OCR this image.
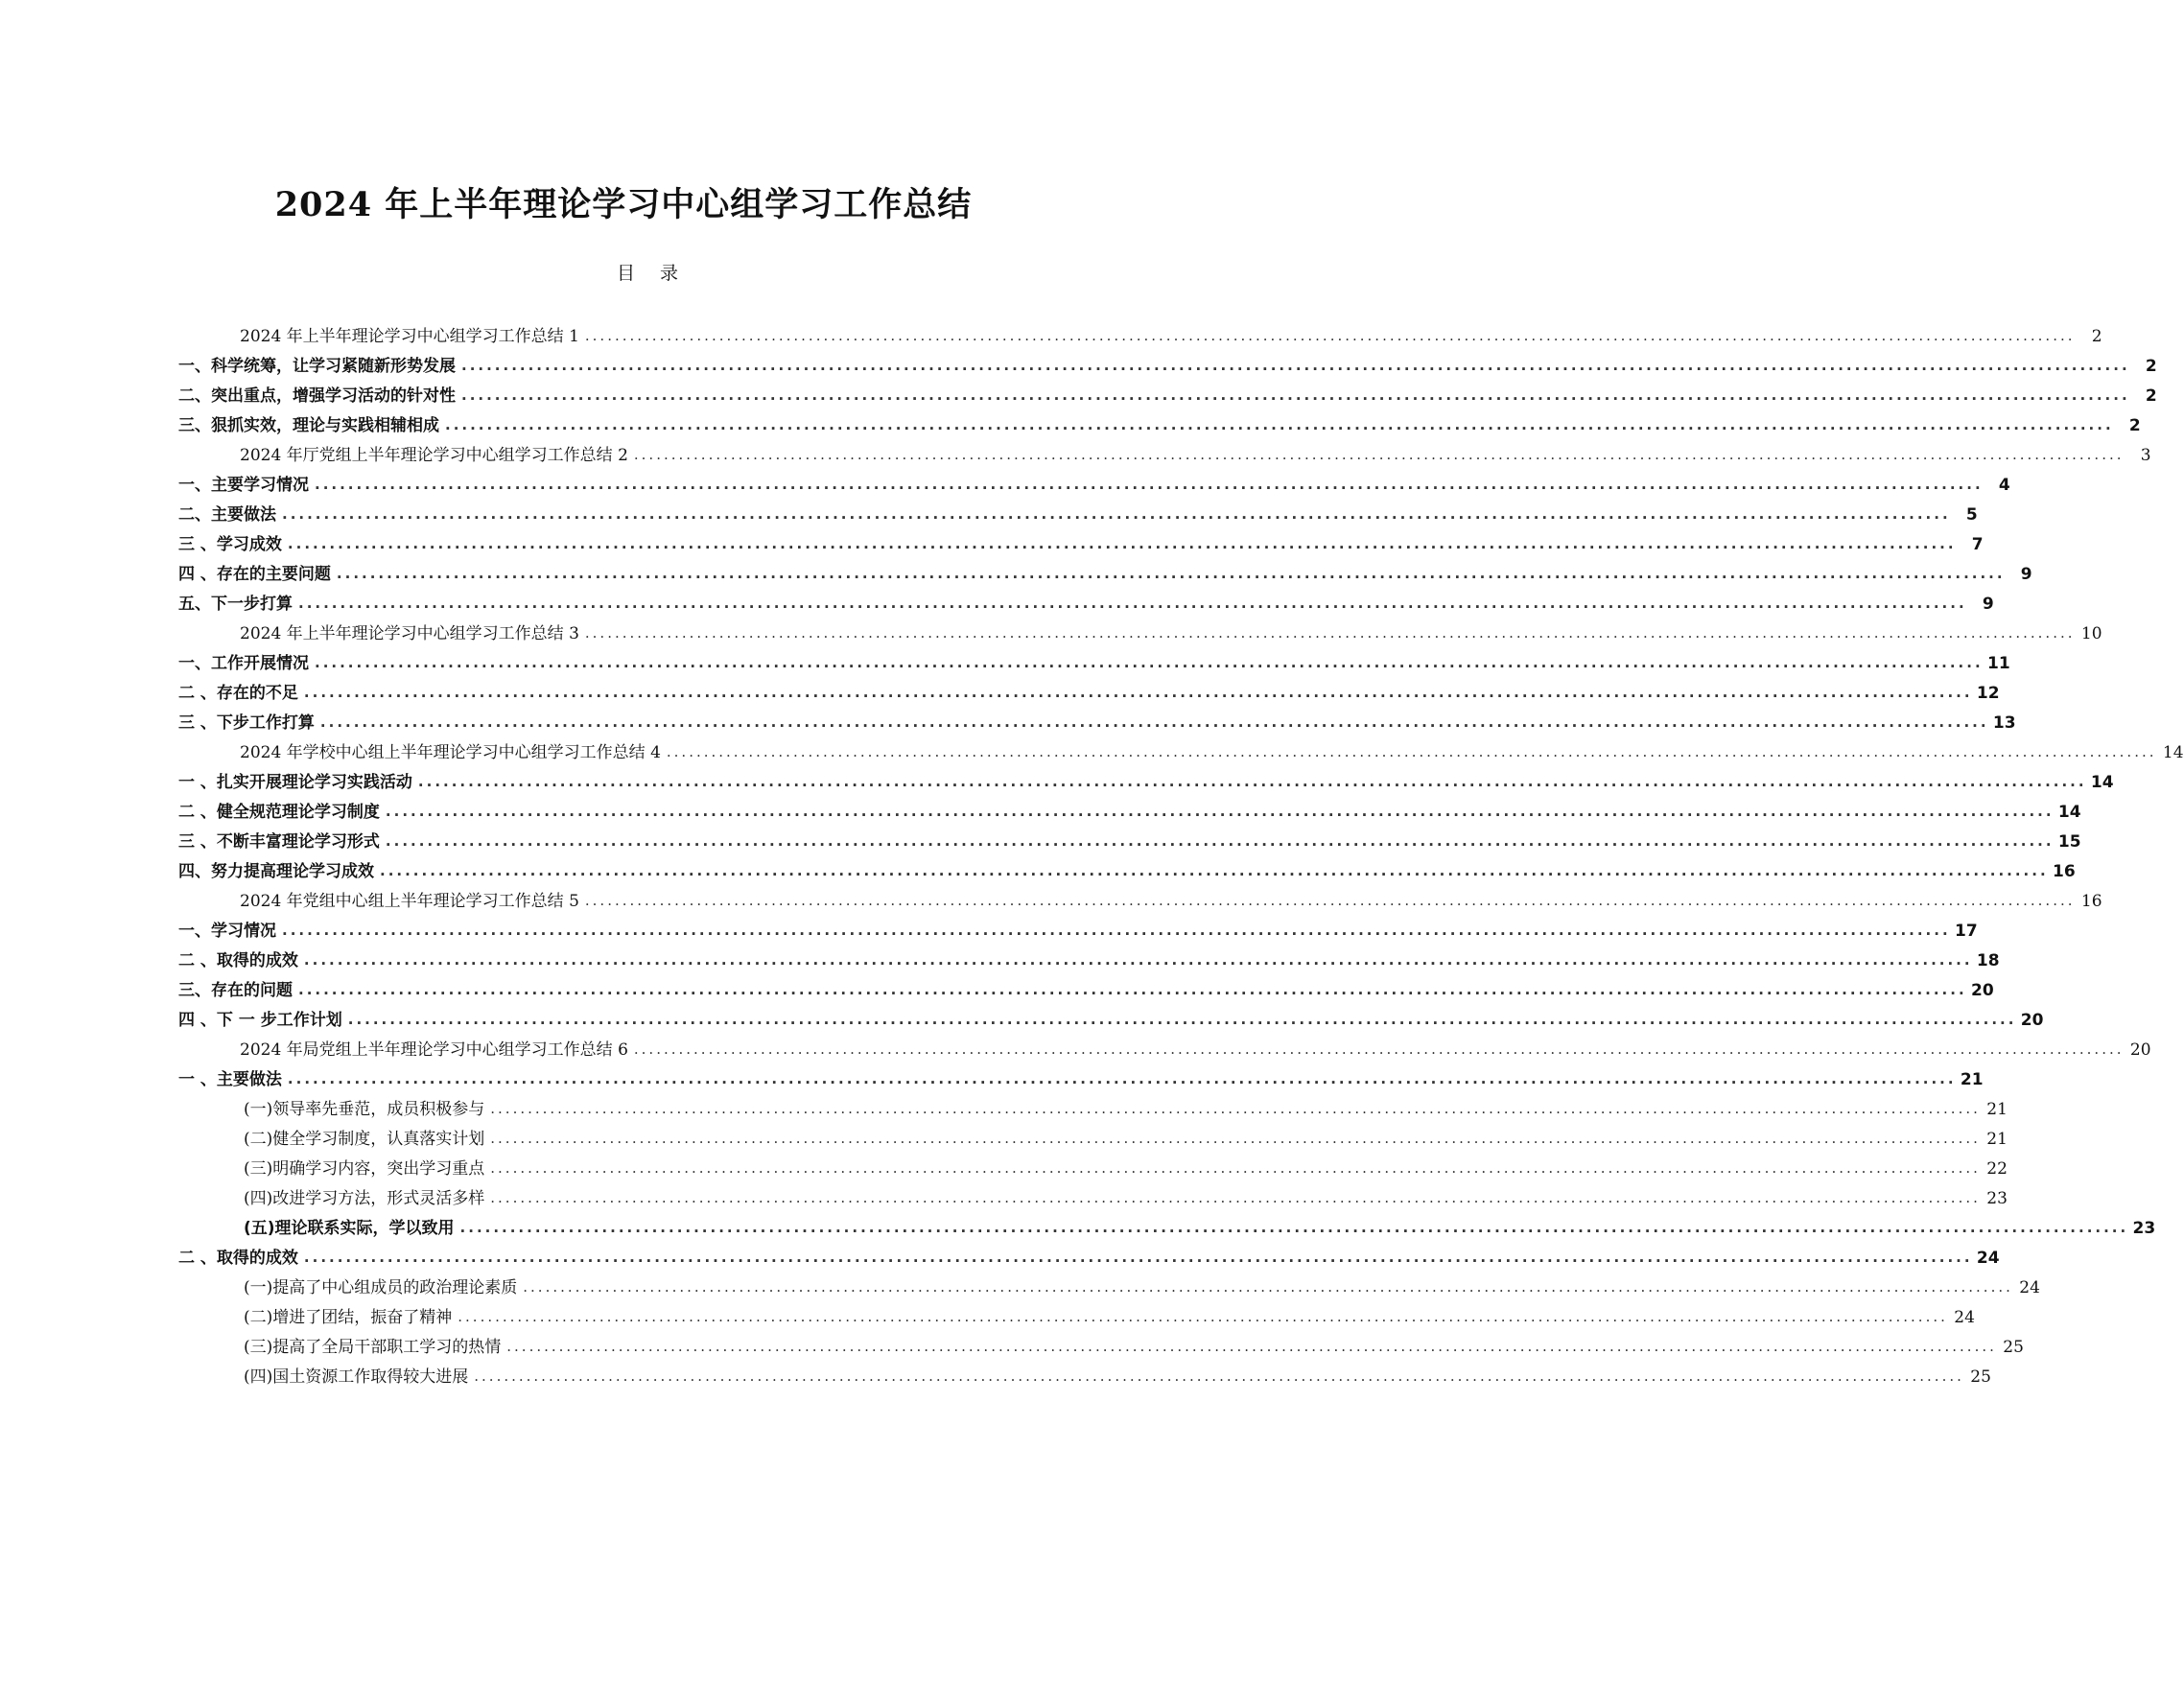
2024 年上半年理论学习中心组学习工作总结
目 录
2024 年上半年理论学习中心组学习工作总结 1 ........................................................................................................................................................................................................	2
一、科学统筹，让学习紧随新形势发展 ........................................................................................................................................................................................................ 2
二、突出重点，增强学习活动的针对性 ........................................................................................................................................................................................................ 2
三、狠抓实效，理论与实践相辅相成 ........................................................................................................................................................................................................ 2
2024 年厅党组上半年理论学习中心组学习工作总结 2 ........................................................................................................................................................................................................	3
一、主要学习情况 ........................................................................................................................................................................................................ 4
二、主要做法 ........................................................................................................................................................................................................ 5
三 、学习成效 ........................................................................................................................................................................................................ 7
四 、存在的主要问题 ........................................................................................................................................................................................................ 9
五、下一步打算 ........................................................................................................................................................................................................ 9
2024 年上半年理论学习中心组学习工作总结 3 ........................................................................................................................................................................................................ 10
一、工作开展情况 ........................................................................................................................................................................................................ 11
二 、存在的不足 ........................................................................................................................................................................................................ 12
三 、下步工作打算 ........................................................................................................................................................................................................ 13
2024 年学校中心组上半年理论学习中心组学习工作总结 4 ........................................................................................................................................................................................................ 14
一 、扎实开展理论学习实践活动 ........................................................................................................................................................................................................ 14
二 、健全规范理论学习制度 ........................................................................................................................................................................................................ 14
三 、不断丰富理论学习形式 ........................................................................................................................................................................................................ 15
四、努力提高理论学习成效 ........................................................................................................................................................................................................ 16
2024 年党组中心组上半年理论学习工作总结 5 ........................................................................................................................................................................................................ 16
一、学习情况 ........................................................................................................................................................................................................ 17
二 、取得的成效 ........................................................................................................................................................................................................ 18
三、存在的问题 ........................................................................................................................................................................................................ 20
四 、下 一 步工作计划 ........................................................................................................................................................................................................ 20
2024 年局党组上半年理论学习中心组学习工作总结 6 ........................................................................................................................................................................................................ 20
一 、主要做法 ........................................................................................................................................................................................................ 21
(一)领导率先垂范，成员积极参与 ........................................................................................................................................................................................................ 21
(二)健全学习制度，认真落实计划 ........................................................................................................................................................................................................ 21
(三)明确学习内容，突出学习重点 ........................................................................................................................................................................................................ 22
(四)改进学习方法，形式灵活多样 ........................................................................................................................................................................................................ 23
(五)理论联系实际，学以致用 ........................................................................................................................................................................................................ 23
二 、取得的成效 ........................................................................................................................................................................................................ 24
(一)提高了中心组成员的政治理论素质 ........................................................................................................................................................................................................ 24
(二)增进了团结，振奋了精神 ........................................................................................................................................................................................................ 24
(三)提高了全局干部职工学习的热情 ........................................................................................................................................................................................................ 25
(四)国土资源工作取得较大进展 ........................................................................................................................................................................................................ 25
